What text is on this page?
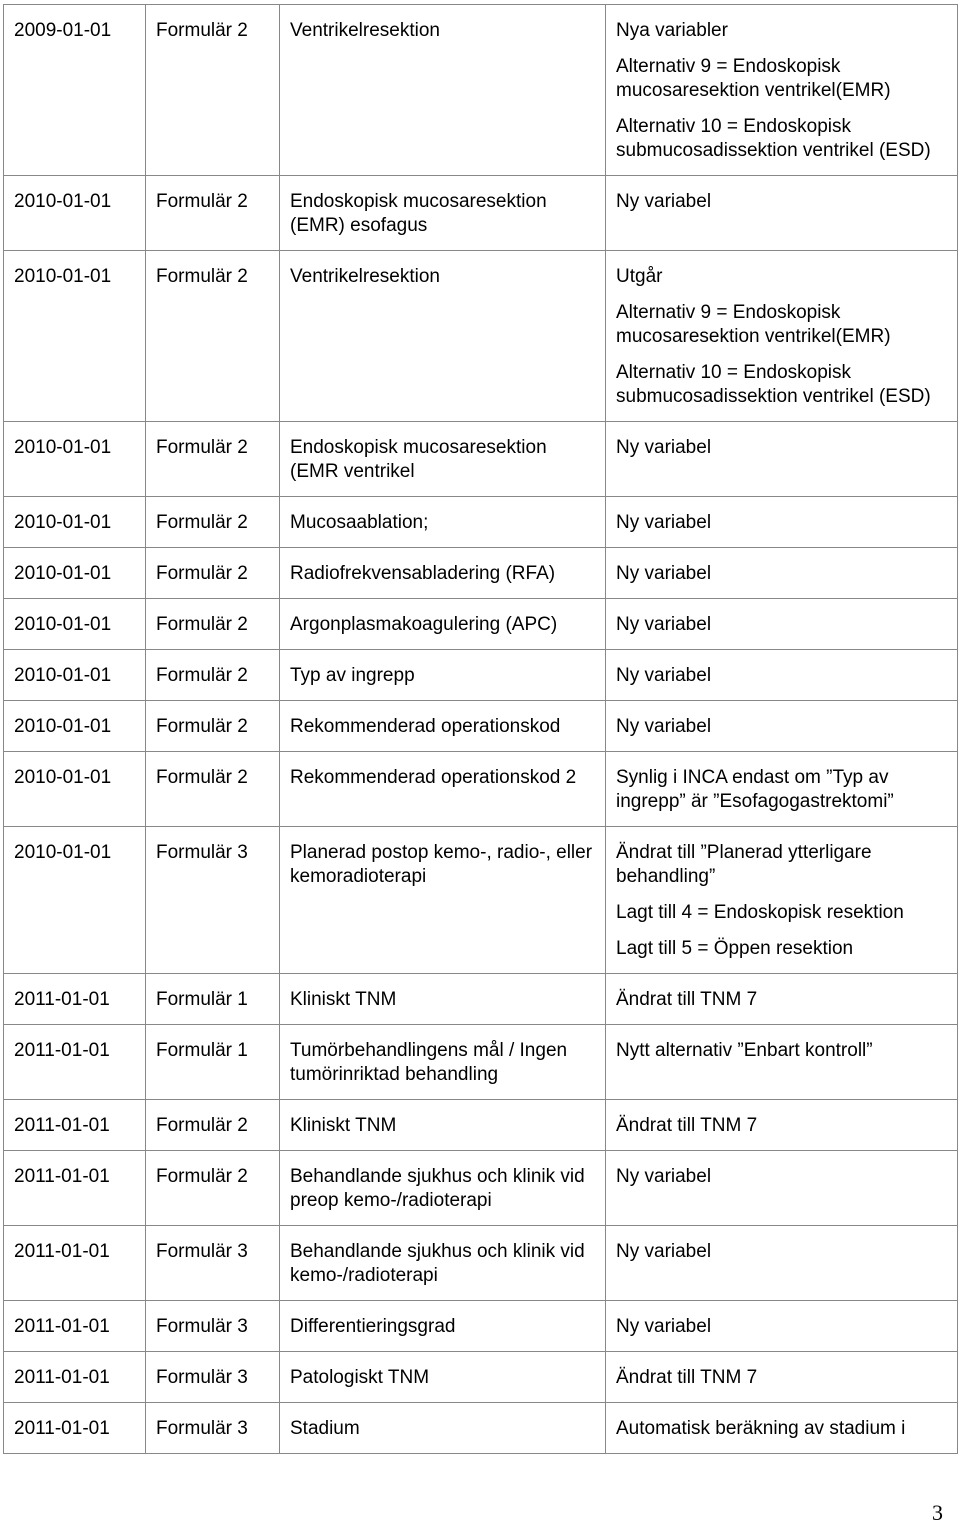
2009-01-01	Formulär 2	Ventrikelresektion	Nya variabler
Alternativ 9 = Endoskopisk mucosaresektion ventrikel(EMR)
Alternativ 10 = Endoskopisk submucosadissektion ventrikel (ESD)

2010-01-01	Formulär 2	Endoskopisk mucosaresektion (EMR) esofagus	Ny variabel

2010-01-01	Formulär 2	Ventrikelresektion	Utgår
Alternativ 9 = Endoskopisk mucosaresektion ventrikel(EMR)
Alternativ 10 = Endoskopisk submucosadissektion ventrikel (ESD)

2010-01-01	Formulär 2	Endoskopisk mucosaresektion (EMR ventrikel	Ny variabel

2010-01-01	Formulär 2	Mucosaablation;	Ny variabel

2010-01-01	Formulär 2	Radiofrekvensabladering (RFA)	Ny variabel

2010-01-01	Formulär 2	Argonplasmakoagulering (APC)	Ny variabel

2010-01-01	Formulär 2	Typ av ingrepp	Ny variabel

2010-01-01	Formulär 2	Rekommenderad operationskod	Ny variabel

2010-01-01	Formulär 2	Rekommenderad operationskod 2	Synlig i INCA endast om ”Typ av ingrepp” är ”Esofagogastrektomi”

2010-01-01	Formulär 3	Planerad postop kemo-, radio-, eller kemoradioterapi	Ändrat till ”Planerad ytterligare behandling”
Lagt till 4 = Endoskopisk resektion
Lagt till 5 = Öppen resektion

2011-01-01	Formulär 1	Kliniskt TNM	Ändrat till TNM 7

2011-01-01	Formulär 1	Tumörbehandlingens mål / Ingen tumörinriktad behandling	Nytt alternativ ”Enbart kontroll”

2011-01-01	Formulär 2	Kliniskt TNM	Ändrat till TNM 7

2011-01-01	Formulär 2	Behandlande sjukhus och klinik vid preop kemo-/radioterapi	Ny variabel

2011-01-01	Formulär 3	Behandlande sjukhus och klinik vid kemo-/radioterapi	Ny variabel

2011-01-01	Formulär 3	Differentieringsgrad	Ny variabel

2011-01-01	Formulär 3	Patologiskt TNM	Ändrat till TNM 7

2011-01-01	Formulär 3	Stadium	Automatisk beräkning av stadium i
3
